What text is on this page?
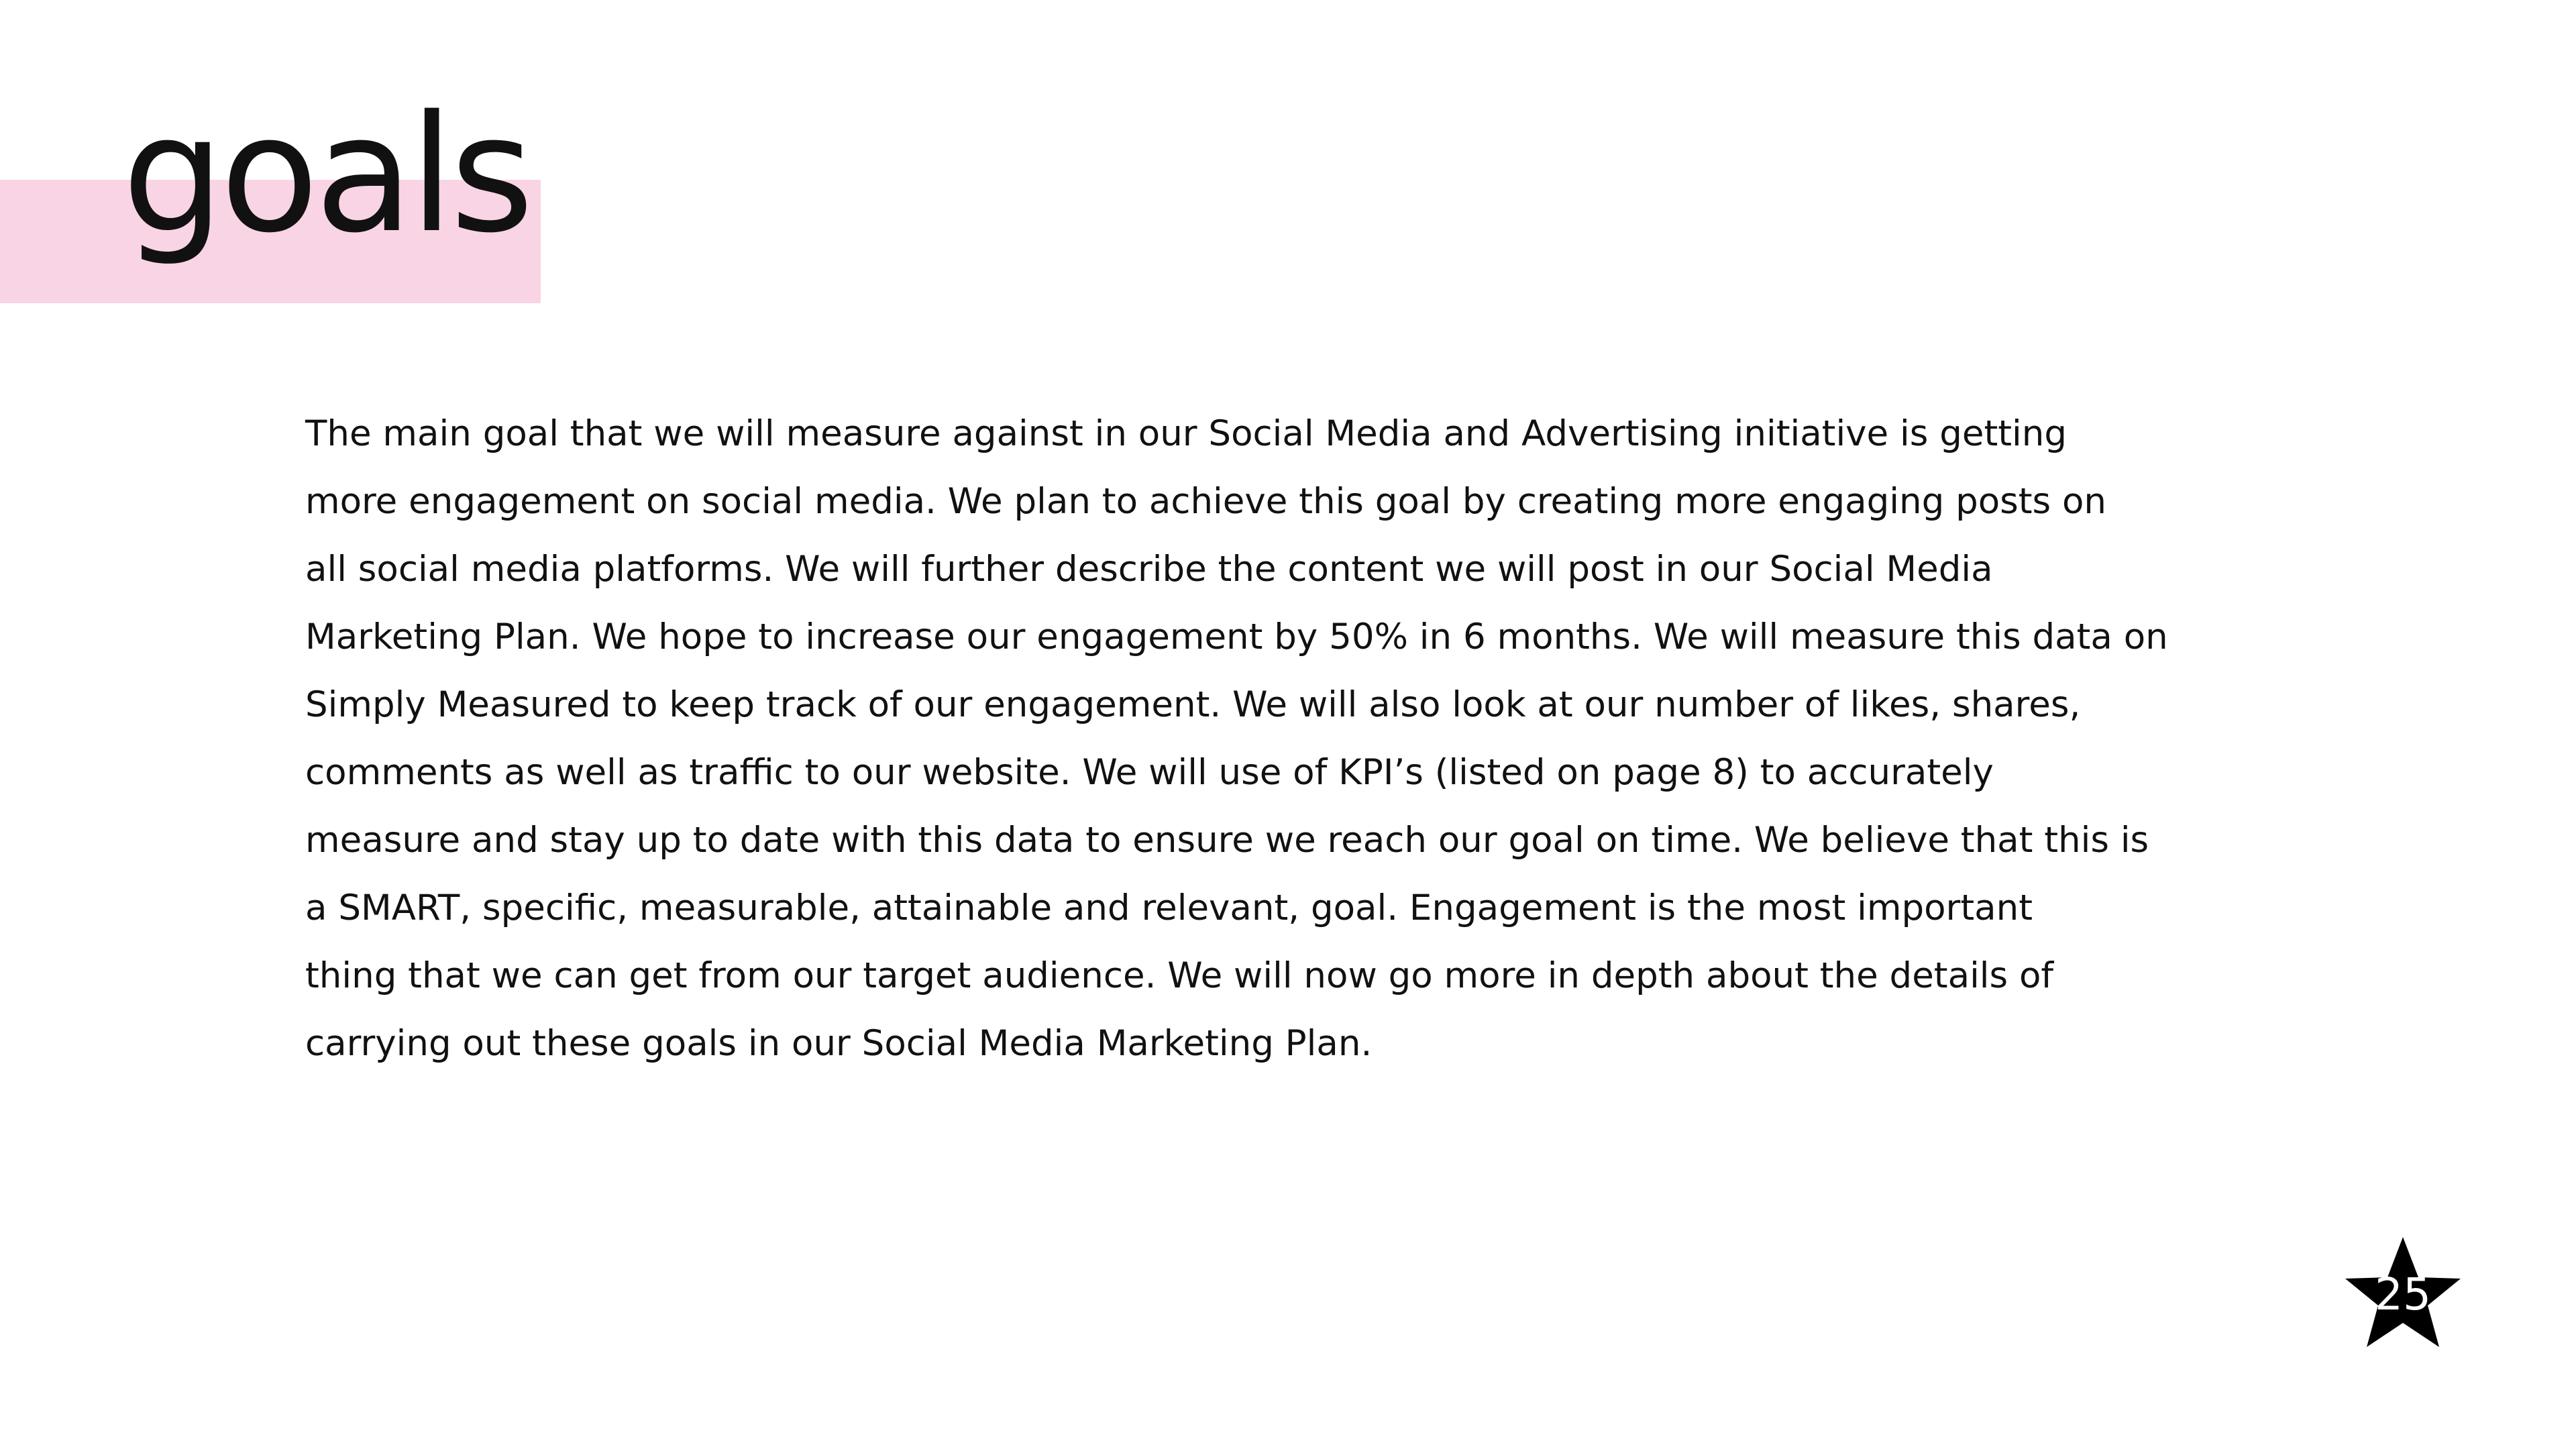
goals
The main goal that we will measure against in our Social Media and Advertising initiative is getting
more engagement on social media. We plan to achieve this goal by creating more engaging posts on
all social media platforms. We will further describe the content we will post in our Social Media
Marketing Plan. We hope to increase our engagement by 50% in 6 months. We will measure this data on
Simply Measured to keep track of our engagement. We will also look at our number of likes, shares,
comments as well as traffic to our website. We will use of KPI’s (listed on page 8) to accurately
measure and stay up to date with this data to ensure we reach our goal on time. We believe that this is
a SMART, specific, measurable, attainable and relevant, goal. Engagement is the most important
thing that we can get from our target audience. We will now go more in depth about the details of
carrying out these goals in our Social Media Marketing Plan.
25
